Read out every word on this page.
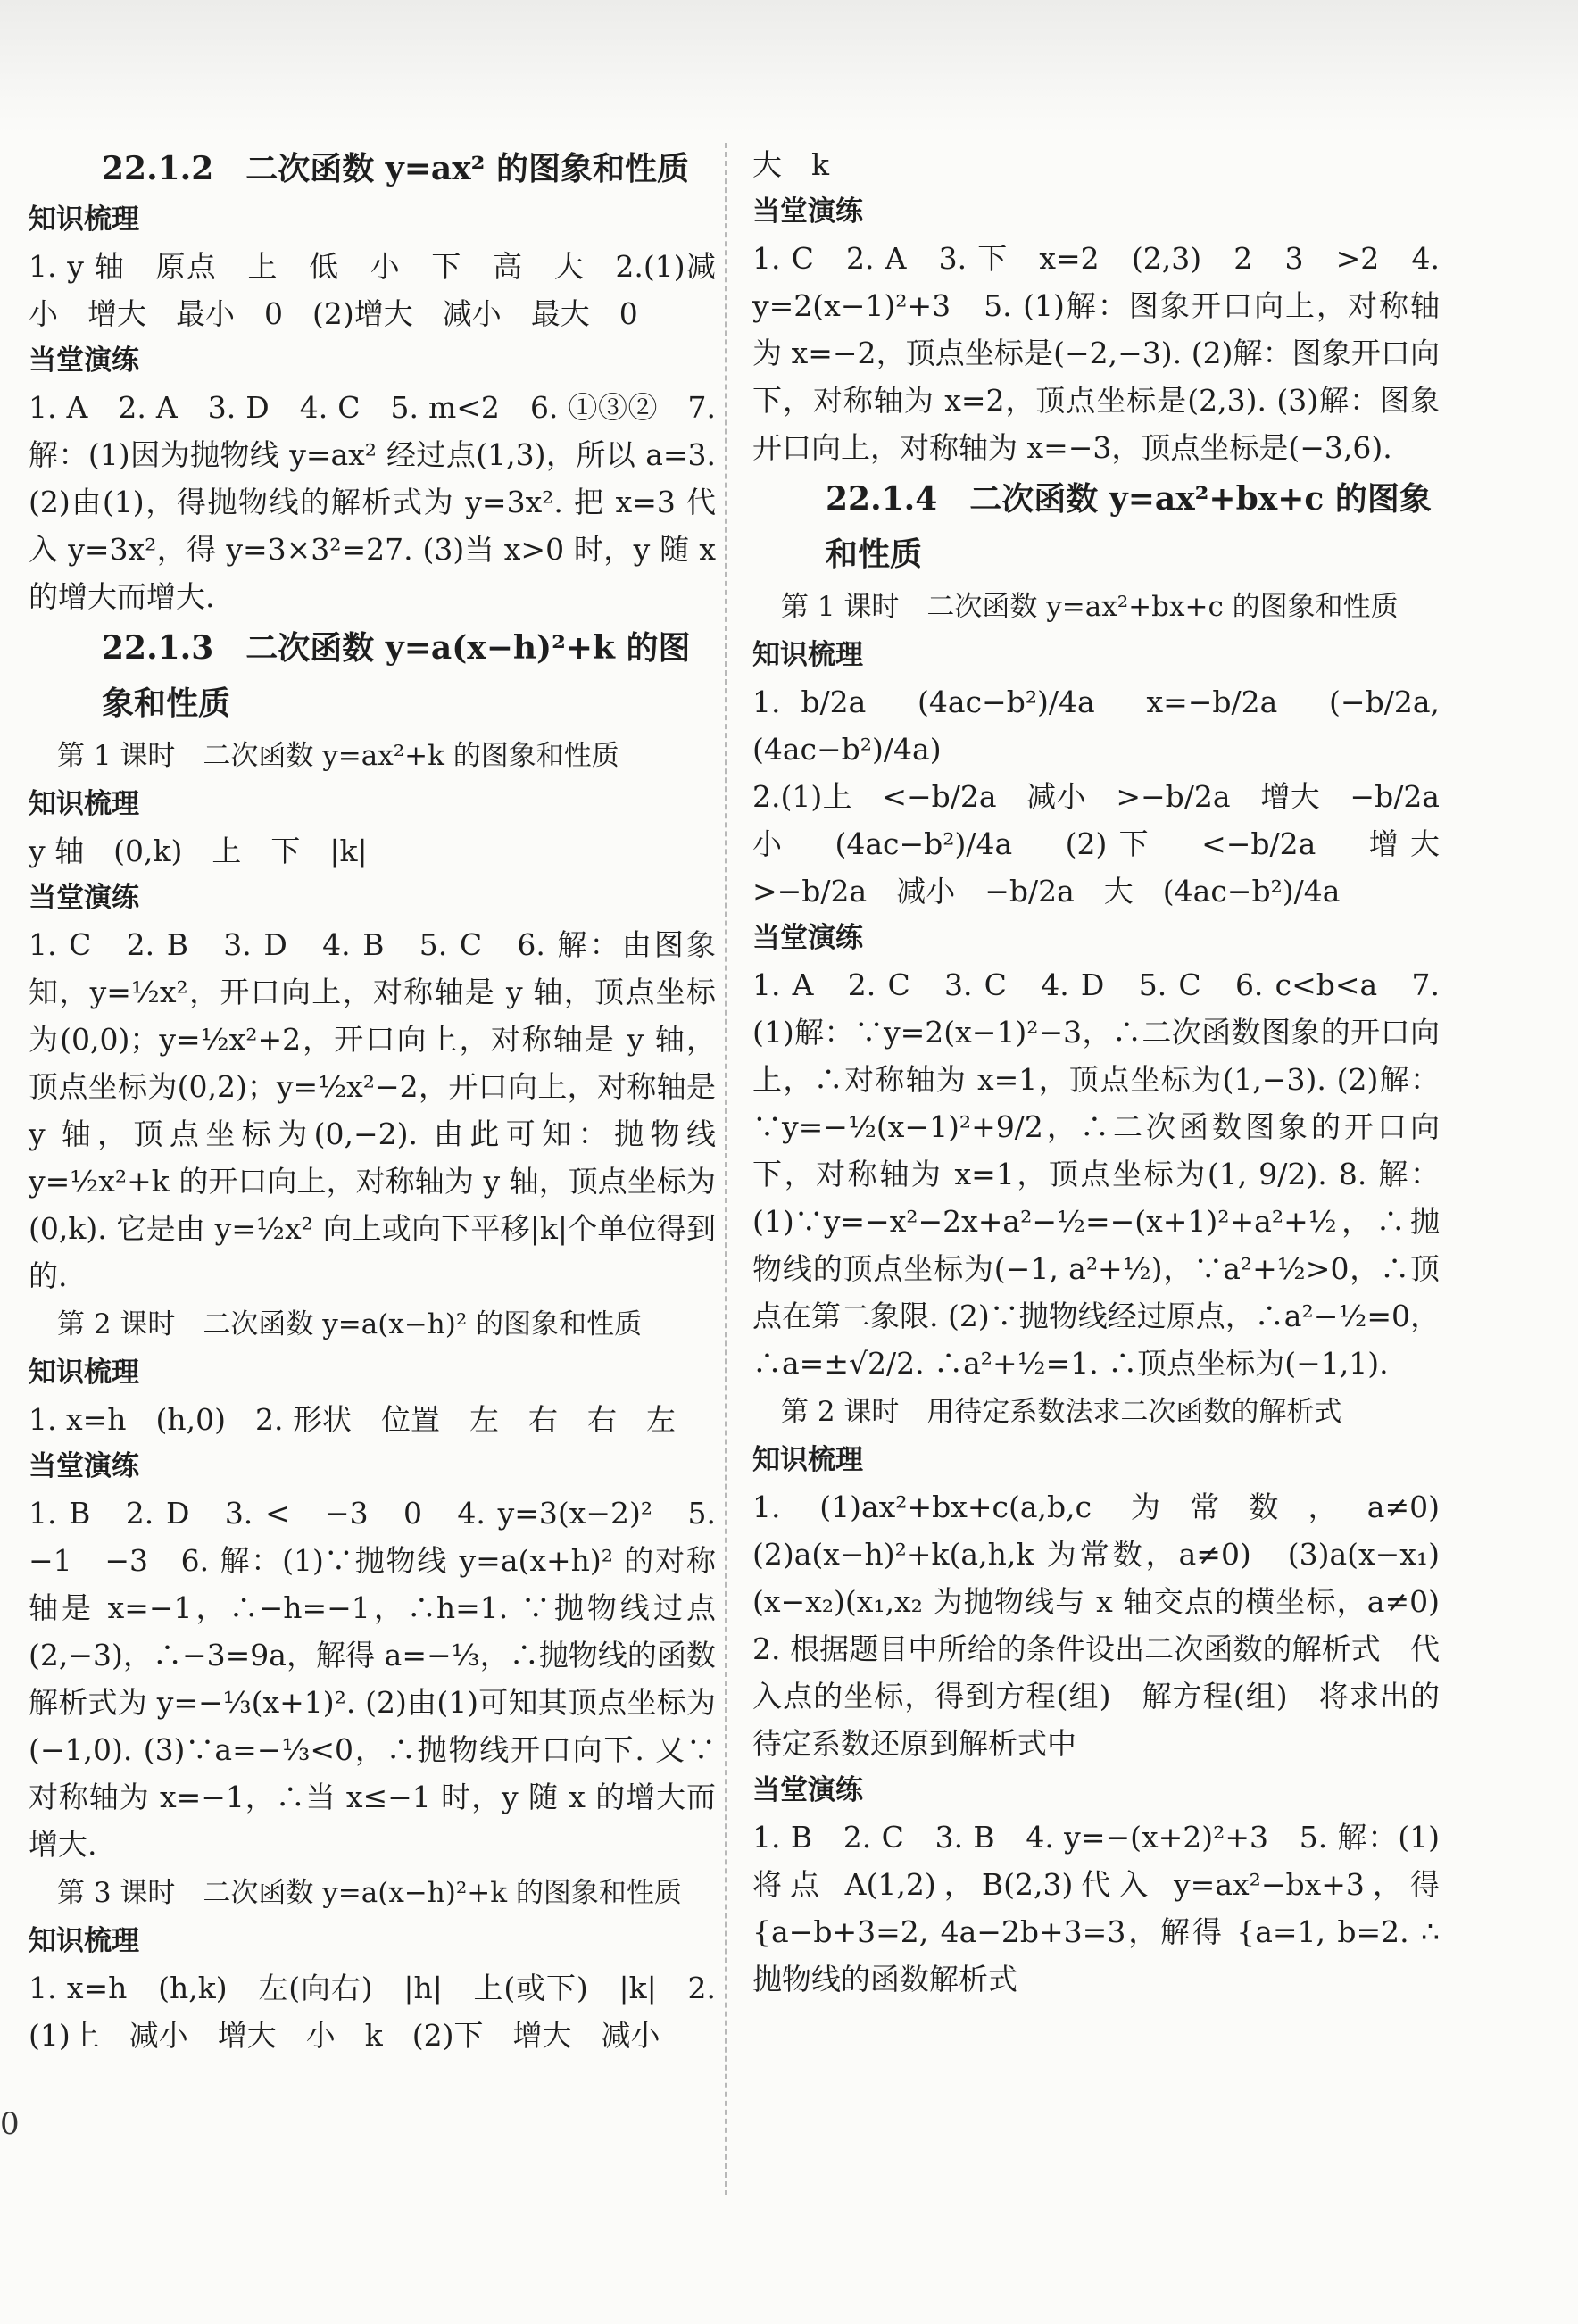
22.1.2　二次函数 y=ax² 的图象和性质
知识梳理
1. y 轴　原点　上　低　小　下　高　大　2.(1)减小　增大　最小　0　(2)增大　减小　最大　0
当堂演练
1. A　2. A　3. D　4. C　5. m<2　6. ①③②　7. 解：(1)因为抛物线 y=ax² 经过点(1,3)，所以 a=3. (2)由(1)，得抛物线的解析式为 y=3x². 把 x=3 代入 y=3x²，得 y=3×3²=27. (3)当 x>0 时，y 随 x 的增大而增大.
22.1.3　二次函数 y=a(x−h)²+k 的图象和性质
第 1 课时　二次函数 y=ax²+k 的图象和性质
知识梳理
y 轴　(0,k)　上　下　|k|
当堂演练
1. C　2. B　3. D　4. B　5. C　6. 解：由图象知，y=½x²，开口向上，对称轴是 y 轴，顶点坐标为(0,0)；y=½x²+2，开口向上，对称轴是 y 轴，顶点坐标为(0,2)；y=½x²−2，开口向上，对称轴是 y 轴，顶点坐标为(0,−2). 由此可知：抛物线 y=½x²+k 的开口向上，对称轴为 y 轴，顶点坐标为(0,k). 它是由 y=½x² 向上或向下平移|k|个单位得到的.
第 2 课时　二次函数 y=a(x−h)² 的图象和性质
知识梳理
1. x=h　(h,0)　2. 形状　位置　左　右　右　左
当堂演练
1. B　2. D　3. <　−3　0　4. y=3(x−2)²　5. −1　−3　6. 解：(1)∵抛物线 y=a(x+h)² 的对称轴是 x=−1，∴−h=−1，∴h=1. ∵抛物线过点(2,−3)，∴−3=9a，解得 a=−⅓，∴抛物线的函数解析式为 y=−⅓(x+1)². (2)由(1)可知其顶点坐标为(−1,0). (3)∵a=−⅓<0，∴抛物线开口向下. 又∵对称轴为 x=−1，∴当 x≤−1 时，y 随 x 的增大而增大.
第 3 课时　二次函数 y=a(x−h)²+k 的图象和性质
知识梳理
1. x=h　(h,k)　左(向右)　|h|　上(或下)　|k|　2.(1)上　减小　增大　小　k　(2)下　增大　减小
大　k
当堂演练
1. C　2. A　3. 下　x=2　(2,3)　2　3　>2　4. y=2(x−1)²+3　5. (1)解：图象开口向上，对称轴为 x=−2，顶点坐标是(−2,−3). (2)解：图象开口向下，对称轴为 x=2，顶点坐标是(2,3). (3)解：图象开口向上，对称轴为 x=−3，顶点坐标是(−3,6).
22.1.4　二次函数 y=ax²+bx+c 的图象和性质
第 1 课时　二次函数 y=ax²+bx+c 的图象和性质
知识梳理
1. b/2a　(4ac−b²)/4a　x=−b/2a　(−b/2a, (4ac−b²)/4a)
2.(1)上　<−b/2a　减小　>−b/2a　增大　−b/2a　小　(4ac−b²)/4a　(2)下　<−b/2a　增大　>−b/2a　减小　−b/2a　大　(4ac−b²)/4a
当堂演练
1. A　2. C　3. C　4. D　5. C　6. c<b<a　7. (1)解：∵y=2(x−1)²−3，∴二次函数图象的开口向上，∴对称轴为 x=1，顶点坐标为(1,−3). (2)解：∵y=−½(x−1)²+9/2，∴二次函数图象的开口向下，对称轴为 x=1，顶点坐标为(1, 9/2). 8. 解：(1)∵y=−x²−2x+a²−½=−(x+1)²+a²+½，∴抛物线的顶点坐标为(−1, a²+½)，∵a²+½>0，∴顶点在第二象限. (2)∵抛物线经过原点，∴a²−½=0，∴a=±√2/2. ∴a²+½=1. ∴顶点坐标为(−1,1).
第 2 课时　用待定系数法求二次函数的解析式
知识梳理
1. (1)ax²+bx+c(a,b,c 为常数，a≠0)　(2)a(x−h)²+k(a,h,k 为常数，a≠0)　(3)a(x−x₁)(x−x₂)(x₁,x₂ 为抛物线与 x 轴交点的横坐标，a≠0)　2. 根据题目中所给的条件设出二次函数的解析式　代入点的坐标，得到方程(组)　解方程(组)　将求出的待定系数还原到解析式中
当堂演练
1. B　2. C　3. B　4. y=−(x+2)²+3　5. 解：(1)将点 A(1,2)，B(2,3)代入 y=ax²−bx+3，得 {a−b+3=2, 4a−2b+3=3，解得 {a=1, b=2. ∴抛物线的函数解析式
0
